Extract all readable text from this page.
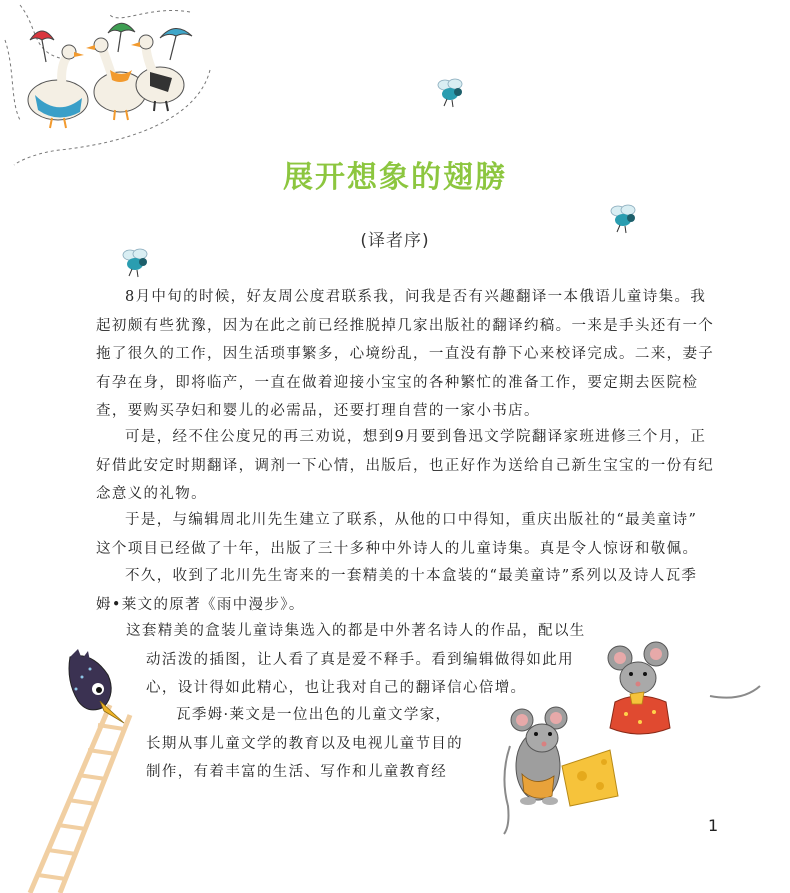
展开想象的翅膀
(译者序)
8月中旬的时候，好友周公度君联系我，问我是否有兴趣翻译一本俄语儿童诗集。我
起初颇有些犹豫，因为在此之前已经推脱掉几家出版社的翻译约稿。一来是手头还有一个
拖了很久的工作，因生活琐事繁多，心境纷乱，一直没有静下心来校译完成。二来，妻子
有孕在身，即将临产，一直在做着迎接小宝宝的各种繁忙的准备工作，要定期去医院检
查，要购买孕妇和婴儿的必需品，还要打理自营的一家小书店。
可是，经不住公度兄的再三劝说，想到9月要到鲁迅文学院翻译家班进修三个月，正
好借此安定时期翻译，调剂一下心情，出版后，也正好作为送给自己新生宝宝的一份有纪
念意义的礼物。
于是，与编辑周北川先生建立了联系，从他的口中得知，重庆出版社的“最美童诗”
这个项目已经做了十年，出版了三十多种中外诗人的儿童诗集。真是令人惊讶和敬佩。
不久，收到了北川先生寄来的一套精美的十本盒装的“最美童诗”系列以及诗人瓦季
姆•莱文的原著《雨中漫步》。
这套精美的盒装儿童诗集选入的都是中外著名诗人的作品，配以生
动活泼的插图，让人看了真是爱不释手。看到编辑做得如此用
心，设计得如此精心，也让我对自己的翻译信心倍增。
瓦季姆·莱文是一位出色的儿童文学家，
长期从事儿童文学的教育以及电视儿童节目的
制作，有着丰富的生活、写作和儿童教育经
1
